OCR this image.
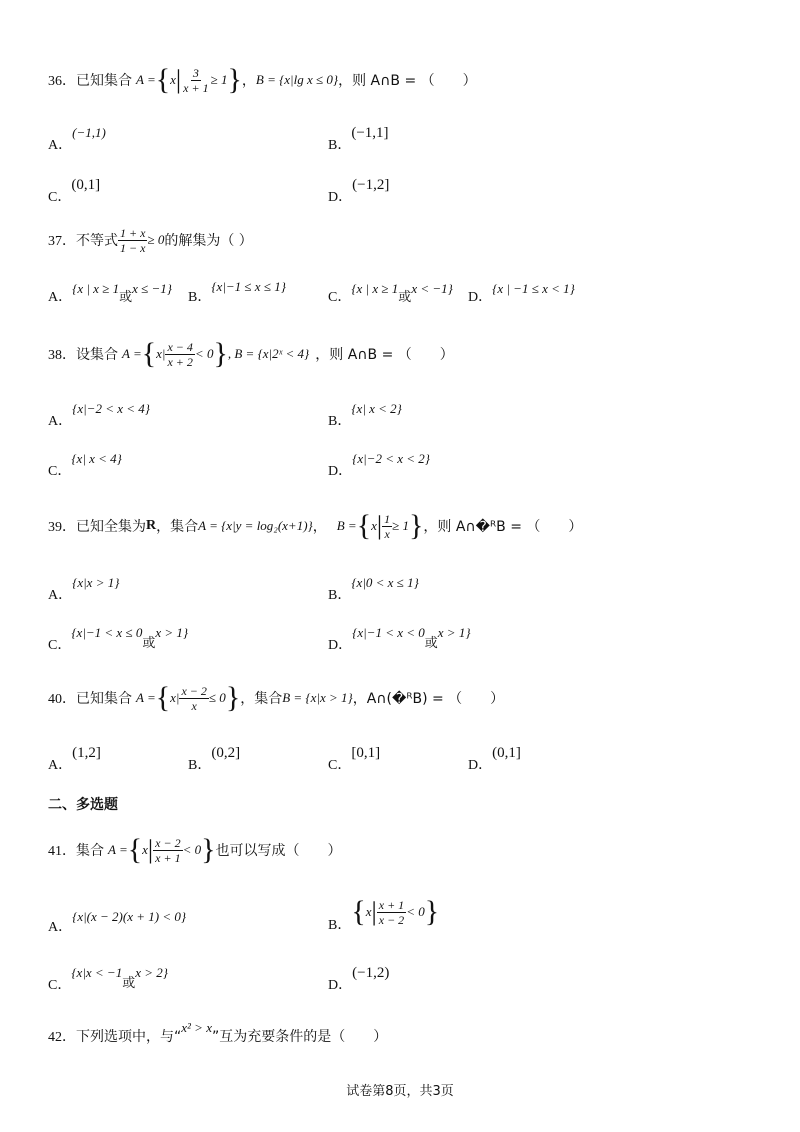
36． 已知集合 A = { x | $\frac{3}{x + 1} \ge 1$ } ， B = {x|lg x ≤ 0} ，则 A∩B = （　　）
A．(−1,1)
B．(−1,1]
C．(0,1]
D．(−1,2]
37． 不等式 $\frac{1 + x}{1 - x} \ge 0$ 的解集为（ ）
A．{x | $x \ge 1_或x \le -1$}
B．{x|−1 ≤ x ≤ 1}
C．{x | $x \ge 1_或x < -1$}
D．{x | −1 ≤ x < 1}
38． 设集合 A = { $x| \frac{x - 4}{x + 2} < 0$ } , B = {x|2ˣ < 4} ，则 A∩B = （　　）
A．{x|−2 < x < 4}
B．{x| x < 2}
C．{x| x < 4}
D．{x|−2 < x < 2}
39． 已知全集为 R ，集合 A = {x|y = log₂(x+1)} ， B = { x | $\frac{1}{x} \ge 1$ } ，则 A∩�ᴿB = （　　）
A．{x|x > 1}
B．{x|0 < x ≤ 1}
C．$\{x|-1 < x \le 0_或x > 1\}$
D．$\{x|-1 < x < 0_或x > 1\}$
40． 已知集合 A = { $x| \frac{x - 2}{x} \le 0$ } ，集合 B = {x|x > 1} ，A∩(�ᴿB) = （　　）
A．(1,2]
B．(0,2]
C．[0,1]
D．(0,1]
二、多选题
41． 集合 A = { x | $\frac{x - 2}{x + 1} < 0$ } 也可以写成（　　）
A．{x|(x − 2)(x + 1) < 0}
B． { x | $\frac{x + 1}{x - 2} < 0$ }
C．$\{x|x < -1_或x > 2\}$
D．(−1,2)
42． 下列选项中，与“
x² > x
”互为充要条件的是（　　）
试卷第8页，共3页
